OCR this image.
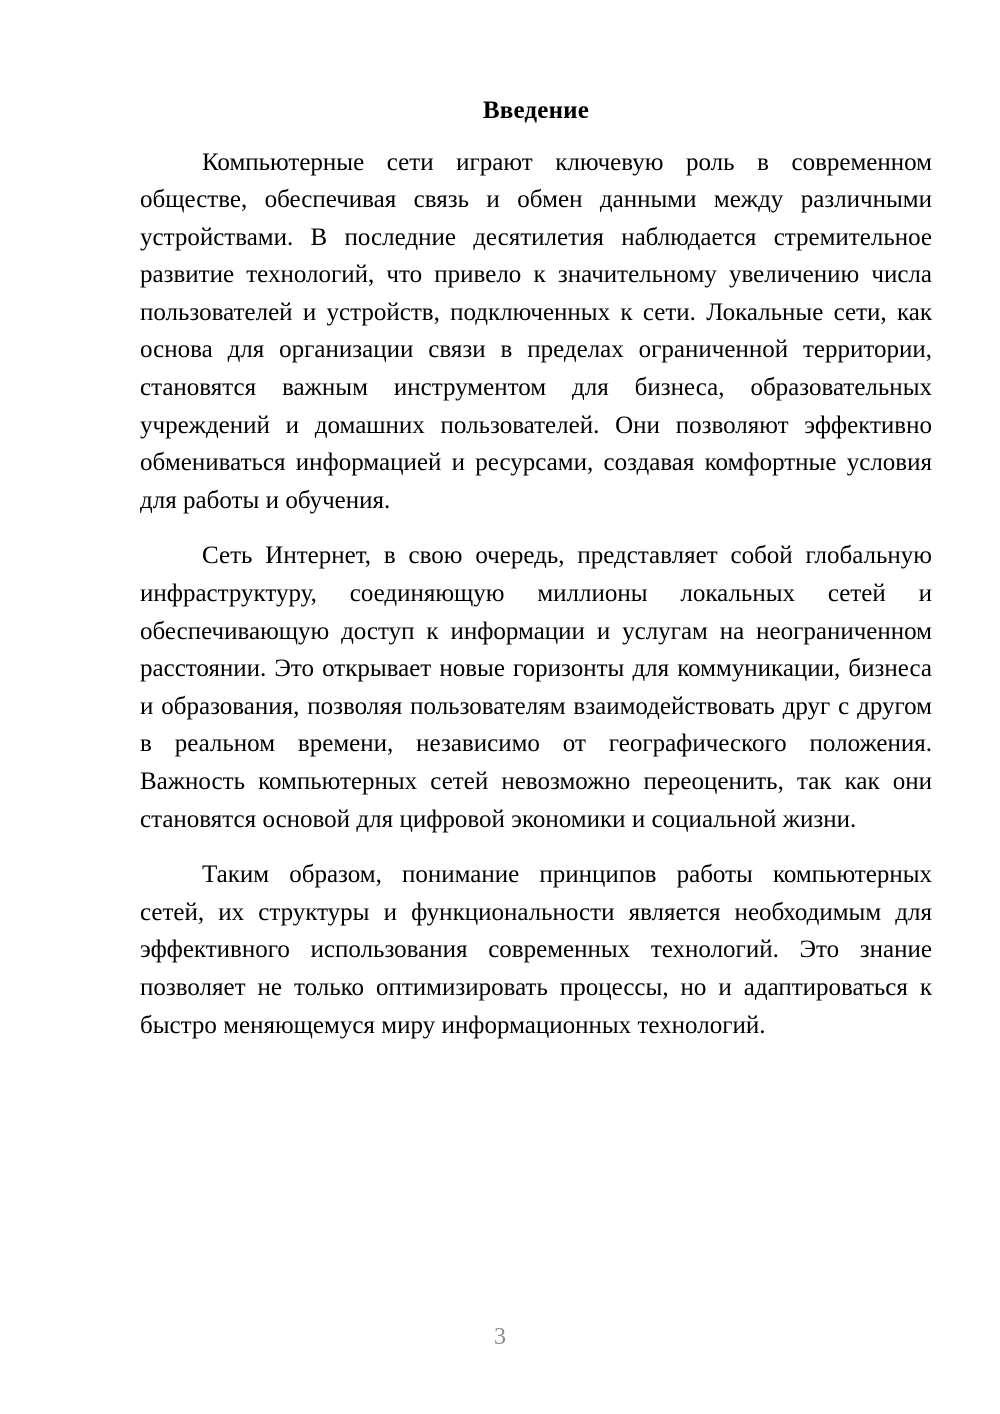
Введение

Компьютерные сети играют ключевую роль в современном обществе, обеспечивая связь и обмен данными между различными устройствами. В последние десятилетия наблюдается стремительное развитие технологий, что привело к значительному увеличению числа пользователей и устройств, подключенных к сети. Локальные сети, как основа для организации связи в пределах ограниченной территории, становятся важным инструментом для бизнеса, образовательных учреждений и домашних пользователей. Они позволяют эффективно обмениваться информацией и ресурсами, создавая комфортные условия для работы и обучения.

Сеть Интернет, в свою очередь, представляет собой глобальную инфраструктуру, соединяющую миллионы локальных сетей и обеспечивающую доступ к информации и услугам на неограниченном расстоянии. Это открывает новые горизонты для коммуникации, бизнеса и образования, позволяя пользователям взаимодействовать друг с другом в реальном времени, независимо от географического положения. Важность компьютерных сетей невозможно переоценить, так как они становятся основой для цифровой экономики и социальной жизни.

Таким образом, понимание принципов работы компьютерных сетей, их структуры и функциональности является необходимым для эффективного использования современных технологий. Это знание позволяет не только оптимизировать процессы, но и адаптироваться к быстро меняющемуся миру информационных технологий.

3
